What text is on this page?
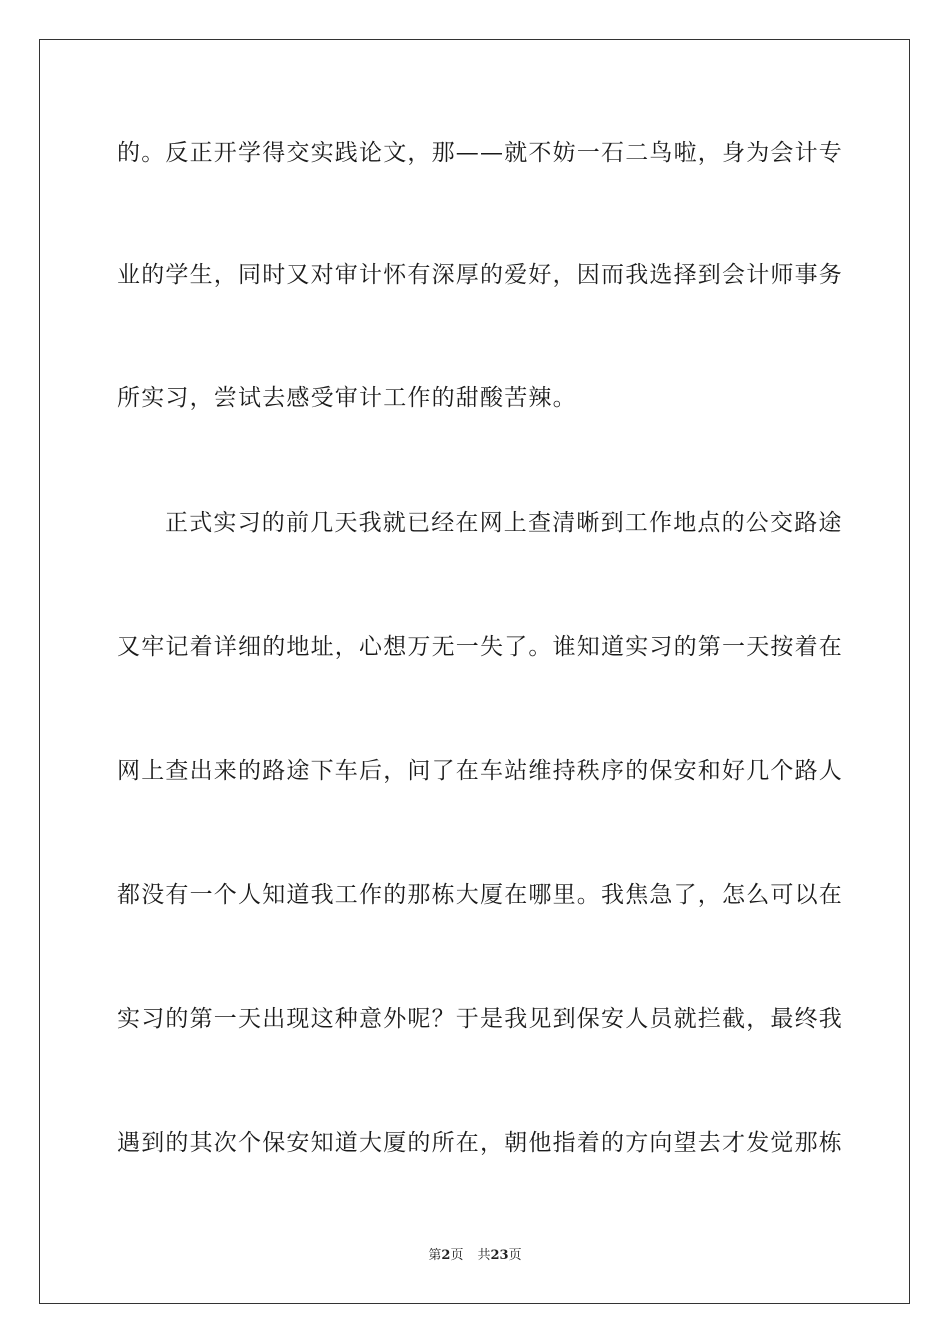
的。反正开学得交实践论文，那——就不妨一石二鸟啦，身为会计专
业的学生，同时又对审计怀有深厚的爱好，因而我选择到会计师事务
所实习，尝试去感受审计工作的甜酸苦辣。
正式实习的前几天我就已经在网上查清晰到工作地点的公交路途
又牢记着详细的地址，心想万无一失了。谁知道实习的第一天按着在
网上查出来的路途下车后，问了在车站维持秩序的保安和好几个路人
都没有一个人知道我工作的那栋大厦在哪里。我焦急了，怎么可以在
实习的第一天出现这种意外呢？于是我见到保安人员就拦截，最终我
遇到的其次个保安知道大厦的所在，朝他指着的方向望去才发觉那栋
第2页 共23页
